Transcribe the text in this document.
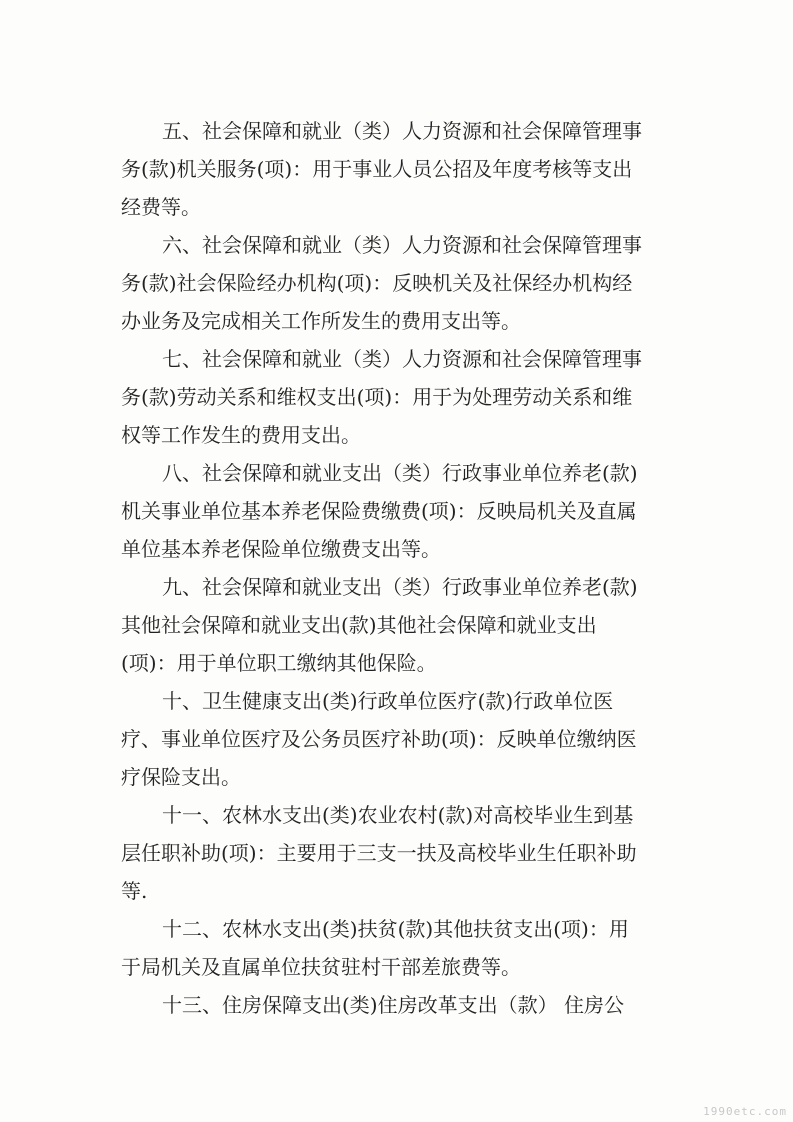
五、社会保障和就业（类）人力资源和社会保障管理事
务(款)机关服务(项)：用于事业人员公招及年度考核等支出
经费等。
六、社会保障和就业（类）人力资源和社会保障管理事
务(款)社会保险经办机构(项)：反映机关及社保经办机构经
办业务及完成相关工作所发生的费用支出等。
七、社会保障和就业（类）人力资源和社会保障管理事
务(款)劳动关系和维权支出(项)：用于为处理劳动关系和维
权等工作发生的费用支出。
八、社会保障和就业支出（类）行政事业单位养老(款)
机关事业单位基本养老保险费缴费(项)：反映局机关及直属
单位基本养老保险单位缴费支出等。
九、社会保障和就业支出（类）行政事业单位养老(款)
其他社会保障和就业支出(款)其他社会保障和就业支出
(项)：用于单位职工缴纳其他保险。
十、卫生健康支出(类)行政单位医疗(款)行政单位医
疗、事业单位医疗及公务员医疗补助(项)：反映单位缴纳医
疗保险支出。
十一、农林水支出(类)农业农村(款)对高校毕业生到基
层任职补助(项)：主要用于三支一扶及高校毕业生任职补助
等.
十二、农林水支出(类)扶贫(款)其他扶贫支出(项)：用
于局机关及直属单位扶贫驻村干部差旅费等。
十三、住房保障支出(类)住房改革支出（款） 住房公
1990etc.com
